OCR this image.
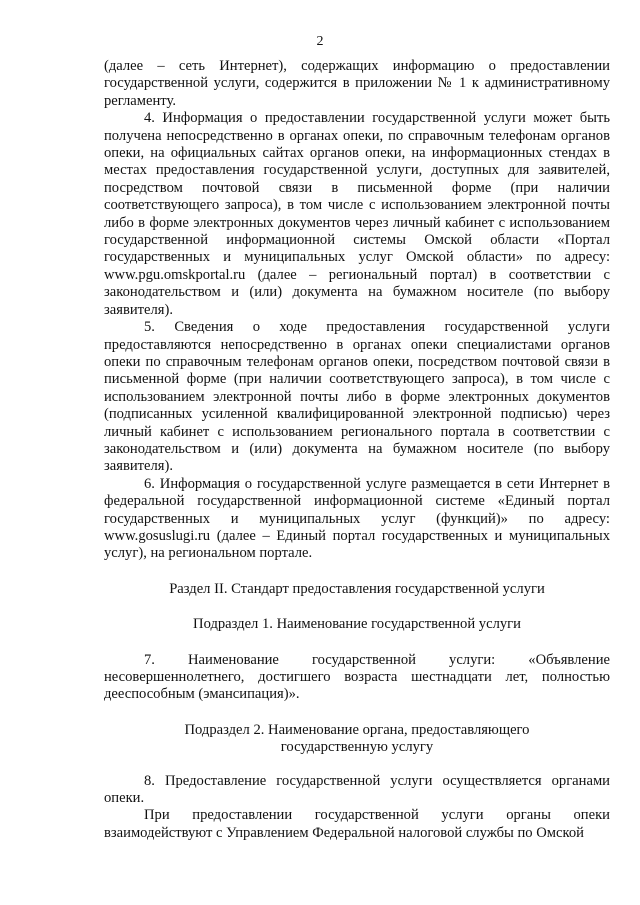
2

(далее – сеть Интернет), содержащих информацию о предоставлении государственной услуги, содержится в приложении № 1 к административному регламенту.

4. Информация о предоставлении государственной услуги может быть получена непосредственно в органах опеки, по справочным телефонам органов опеки, на официальных сайтах органов опеки, на информационных стендах в местах предоставления государственной услуги, доступных для заявителей, посредством почтовой связи в письменной форме (при наличии соответствующего запроса), в том числе с использованием электронной почты либо в форме электронных документов через личный кабинет с использованием государственной информационной системы Омской области «Портал государственных и муниципальных услуг Омской области» по адресу: www.pgu.omskportal.ru (далее – региональный портал) в соответствии с законодательством и (или) документа на бумажном носителе (по выбору заявителя).

5. Сведения о ходе предоставления государственной услуги предоставляются непосредственно в органах опеки специалистами органов опеки по справочным телефонам органов опеки, посредством почтовой связи в письменной форме (при наличии соответствующего запроса), в том числе с использованием электронной почты либо в форме электронных документов (подписанных усиленной квалифицированной электронной подписью) через личный кабинет с использованием регионального портала в соответствии с законодательством и (или) документа на бумажном носителе (по выбору заявителя).

6. Информация о государственной услуге размещается в сети Интернет в федеральной государственной информационной системе «Единый портал государственных и муниципальных услуг (функций)» по адресу: www.gosuslugi.ru (далее – Единый портал государственных и муниципальных услуг), на региональном портале.

Раздел II. Стандарт предоставления государственной услуги

Подраздел 1. Наименование государственной услуги

7. Наименование государственной услуги: «Объявление несовершеннолетнего, достигшего возраста шестнадцати лет, полностью дееспособным (эмансипация)».

Подраздел 2. Наименование органа, предоставляющего

государственную услугу

8. Предоставление государственной услуги осуществляется органами опеки.

При предоставлении государственной услуги органы опеки взаимодействуют с Управлением Федеральной налоговой службы по Омской
